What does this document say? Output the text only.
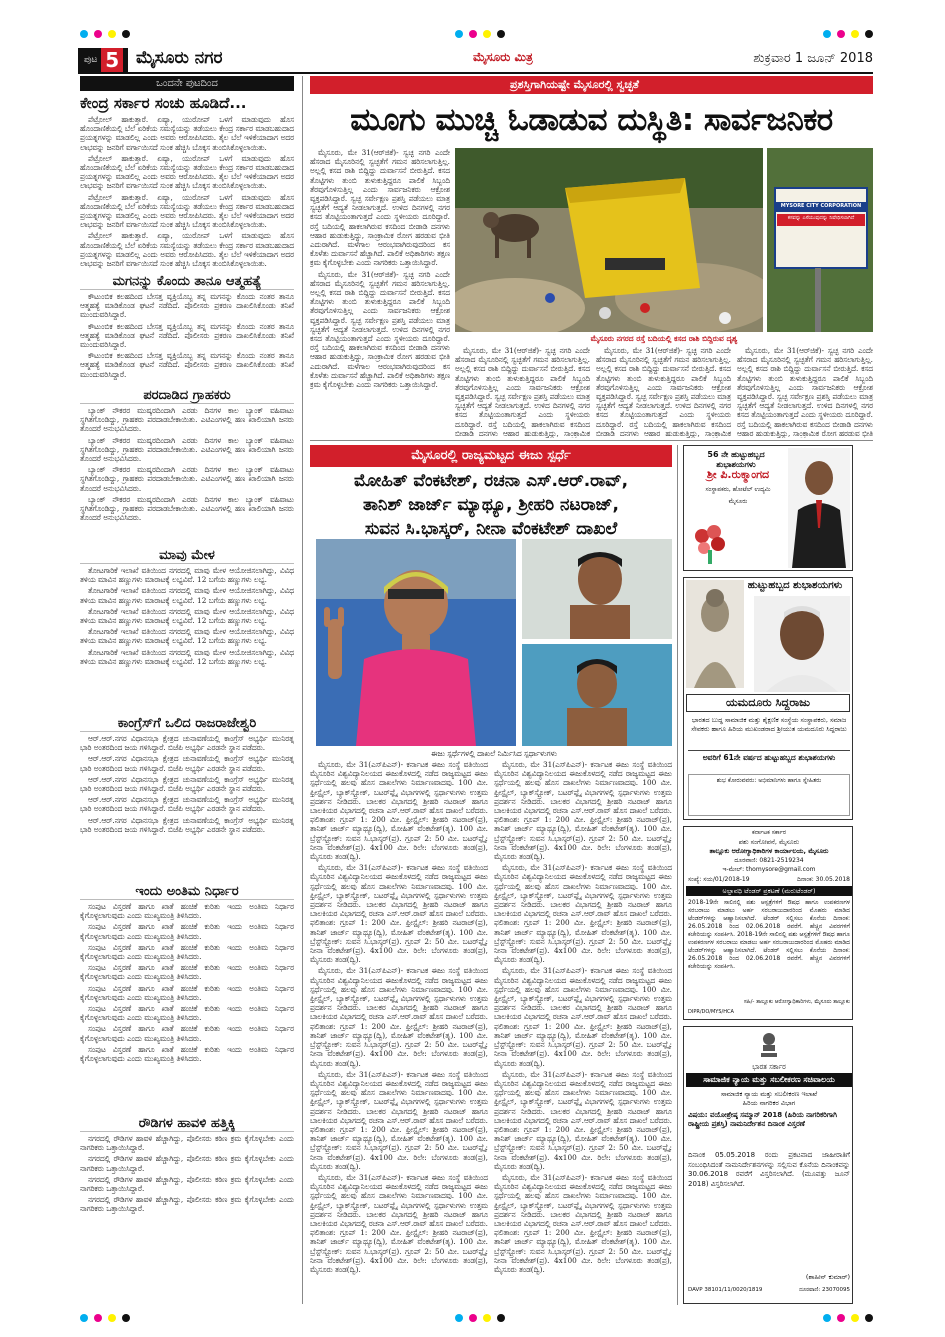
ಪುಟ 5 ಮೈಸೂರು ನಗರ	ಮೈಸೂರು ಮಿತ್ರ	ಶುಕ್ರವಾರ 1 ಜೂನ್ 2018
ಒಂದನೇ ಪುಟದಿಂದ
ಕೇಂದ್ರ ಸರ್ಕಾರ ಸಂಚು ಹೂಡಿದೆ...

ಪೆಟ್ರೋಲ್ ಹಾಕುತ್ತಾರೆ. ಏಷ್ಯಾ, ಯುರೋಪ್ ಒಳಗೆ ಮಾಡುವುದು ಹೊಸ ಹೊಂದಾಣಿಕೆಯಲ್ಲಿ ಬೆಲೆ ಏರಿಕೆಯ ಸಮಸ್ಯೆಯನ್ನು ತಡೆಯಲು ಕೇಂದ್ರ ಸರ್ಕಾರ ಮಾಡಬಹುದಾದ ಪ್ರಯತ್ನಗಳನ್ನು ಮಾಡಲಿಲ್ಲ ಎಂದು ಅವರು ಆರೋಪಿಸಿದರು. ತೈಲ ಬೆಲೆ ಇಳಿಕೆಯಾದಾಗ ಅದರ ಲಾಭವನ್ನು ಜನರಿಗೆ ವರ್ಗಾಯಿಸದೆ ಸುಂಕ ಹೆಚ್ಚಿಸಿ ಬೊಕ್ಕಸ ತುಂಬಿಸಿಕೊಳ್ಳಲಾಯಿತು.

ಪೆಟ್ರೋಲ್ ಹಾಕುತ್ತಾರೆ. ಏಷ್ಯಾ, ಯುರೋಪ್ ಒಳಗೆ ಮಾಡುವುದು ಹೊಸ ಹೊಂದಾಣಿಕೆಯಲ್ಲಿ ಬೆಲೆ ಏರಿಕೆಯ ಸಮಸ್ಯೆಯನ್ನು ತಡೆಯಲು ಕೇಂದ್ರ ಸರ್ಕಾರ ಮಾಡಬಹುದಾದ ಪ್ರಯತ್ನಗಳನ್ನು ಮಾಡಲಿಲ್ಲ ಎಂದು ಅವರು ಆರೋಪಿಸಿದರು. ತೈಲ ಬೆಲೆ ಇಳಿಕೆಯಾದಾಗ ಅದರ ಲಾಭವನ್ನು ಜನರಿಗೆ ವರ್ಗಾಯಿಸದೆ ಸುಂಕ ಹೆಚ್ಚಿಸಿ ಬೊಕ್ಕಸ ತುಂಬಿಸಿಕೊಳ್ಳಲಾಯಿತು.

ಪೆಟ್ರೋಲ್ ಹಾಕುತ್ತಾರೆ. ಏಷ್ಯಾ, ಯುರೋಪ್ ಒಳಗೆ ಮಾಡುವುದು ಹೊಸ ಹೊಂದಾಣಿಕೆಯಲ್ಲಿ ಬೆಲೆ ಏರಿಕೆಯ ಸಮಸ್ಯೆಯನ್ನು ತಡೆಯಲು ಕೇಂದ್ರ ಸರ್ಕಾರ ಮಾಡಬಹುದಾದ ಪ್ರಯತ್ನಗಳನ್ನು ಮಾಡಲಿಲ್ಲ ಎಂದು ಅವರು ಆರೋಪಿಸಿದರು. ತೈಲ ಬೆಲೆ ಇಳಿಕೆಯಾದಾಗ ಅದರ ಲಾಭವನ್ನು ಜನರಿಗೆ ವರ್ಗಾಯಿಸದೆ ಸುಂಕ ಹೆಚ್ಚಿಸಿ ಬೊಕ್ಕಸ ತುಂಬಿಸಿಕೊಳ್ಳಲಾಯಿತು.

ಪೆಟ್ರೋಲ್ ಹಾಕುತ್ತಾರೆ. ಏಷ್ಯಾ, ಯುರೋಪ್ ಒಳಗೆ ಮಾಡುವುದು ಹೊಸ ಹೊಂದಾಣಿಕೆಯಲ್ಲಿ ಬೆಲೆ ಏರಿಕೆಯ ಸಮಸ್ಯೆಯನ್ನು ತಡೆಯಲು ಕೇಂದ್ರ ಸರ್ಕಾರ ಮಾಡಬಹುದಾದ ಪ್ರಯತ್ನಗಳನ್ನು ಮಾಡಲಿಲ್ಲ ಎಂದು ಅವರು ಆರೋಪಿಸಿದರು. ತೈಲ ಬೆಲೆ ಇಳಿಕೆಯಾದಾಗ ಅದರ ಲಾಭವನ್ನು ಜನರಿಗೆ ವರ್ಗಾಯಿಸದೆ ಸುಂಕ ಹೆಚ್ಚಿಸಿ ಬೊಕ್ಕಸ ತುಂಬಿಸಿಕೊಳ್ಳಲಾಯಿತು.

ಮಗನನ್ನು ಕೊಂದು ತಾನೂ ಆತ್ಮಹತ್ಯೆ

ಕೌಟುಂಬಿಕ ಕಲಹದಿಂದ ಬೇಸತ್ತ ವ್ಯಕ್ತಿಯೊಬ್ಬ ತನ್ನ ಮಗನನ್ನು ಕೊಂದು ನಂತರ ತಾನೂ ಆತ್ಮಹತ್ಯೆ ಮಾಡಿಕೊಂಡ ಘಟನೆ ನಡೆದಿದೆ. ಪೊಲೀಸರು ಪ್ರಕರಣ ದಾಖಲಿಸಿಕೊಂಡು ತನಿಖೆ ಮುಂದುವರಿಸಿದ್ದಾರೆ.

ಕೌಟುಂಬಿಕ ಕಲಹದಿಂದ ಬೇಸತ್ತ ವ್ಯಕ್ತಿಯೊಬ್ಬ ತನ್ನ ಮಗನನ್ನು ಕೊಂದು ನಂತರ ತಾನೂ ಆತ್ಮಹತ್ಯೆ ಮಾಡಿಕೊಂಡ ಘಟನೆ ನಡೆದಿದೆ. ಪೊಲೀಸರು ಪ್ರಕರಣ ದಾಖಲಿಸಿಕೊಂಡು ತನಿಖೆ ಮುಂದುವರಿಸಿದ್ದಾರೆ.

ಕೌಟುಂಬಿಕ ಕಲಹದಿಂದ ಬೇಸತ್ತ ವ್ಯಕ್ತಿಯೊಬ್ಬ ತನ್ನ ಮಗನನ್ನು ಕೊಂದು ನಂತರ ತಾನೂ ಆತ್ಮಹತ್ಯೆ ಮಾಡಿಕೊಂಡ ಘಟನೆ ನಡೆದಿದೆ. ಪೊಲೀಸರು ಪ್ರಕರಣ ದಾಖಲಿಸಿಕೊಂಡು ತನಿಖೆ ಮುಂದುವರಿಸಿದ್ದಾರೆ.

ಪರದಾಡಿದ ಗ್ರಾಹಕರು

ಬ್ಯಾಂಕ್ ನೌಕರರ ಮುಷ್ಕರದಿಂದಾಗಿ ಎರಡು ದಿನಗಳ ಕಾಲ ಬ್ಯಾಂಕ್ ವಹಿವಾಟು ಸ್ಥಗಿತಗೊಂಡಿದ್ದು, ಗ್ರಾಹಕರು ಪರದಾಡಬೇಕಾಯಿತು. ಎಟಿಎಂಗಳಲ್ಲಿ ಹಣ ಖಾಲಿಯಾಗಿ ಜನರು ತೊಂದರೆ ಅನುಭವಿಸಿದರು.

ಬ್ಯಾಂಕ್ ನೌಕರರ ಮುಷ್ಕರದಿಂದಾಗಿ ಎರಡು ದಿನಗಳ ಕಾಲ ಬ್ಯಾಂಕ್ ವಹಿವಾಟು ಸ್ಥಗಿತಗೊಂಡಿದ್ದು, ಗ್ರಾಹಕರು ಪರದಾಡಬೇಕಾಯಿತು. ಎಟಿಎಂಗಳಲ್ಲಿ ಹಣ ಖಾಲಿಯಾಗಿ ಜನರು ತೊಂದರೆ ಅನುಭವಿಸಿದರು.

ಬ್ಯಾಂಕ್ ನೌಕರರ ಮುಷ್ಕರದಿಂದಾಗಿ ಎರಡು ದಿನಗಳ ಕಾಲ ಬ್ಯಾಂಕ್ ವಹಿವಾಟು ಸ್ಥಗಿತಗೊಂಡಿದ್ದು, ಗ್ರಾಹಕರು ಪರದಾಡಬೇಕಾಯಿತು. ಎಟಿಎಂಗಳಲ್ಲಿ ಹಣ ಖಾಲಿಯಾಗಿ ಜನರು ತೊಂದರೆ ಅನುಭವಿಸಿದರು.

ಬ್ಯಾಂಕ್ ನೌಕರರ ಮುಷ್ಕರದಿಂದಾಗಿ ಎರಡು ದಿನಗಳ ಕಾಲ ಬ್ಯಾಂಕ್ ವಹಿವಾಟು ಸ್ಥಗಿತಗೊಂಡಿದ್ದು, ಗ್ರಾಹಕರು ಪರದಾಡಬೇಕಾಯಿತು. ಎಟಿಎಂಗಳಲ್ಲಿ ಹಣ ಖಾಲಿಯಾಗಿ ಜನರು ತೊಂದರೆ ಅನುಭವಿಸಿದರು.

ಮಾವು ಮೇಳ

ತೋಟಗಾರಿಕೆ ಇಲಾಖೆ ವತಿಯಿಂದ ನಗರದಲ್ಲಿ ಮಾವು ಮೇಳ ಆಯೋಜಿಸಲಾಗಿದ್ದು, ವಿವಿಧ ತಳಿಯ ಮಾವಿನ ಹಣ್ಣುಗಳು ಮಾರಾಟಕ್ಕೆ ಲಭ್ಯವಿವೆ. 12 ಬಗೆಯ ಹಣ್ಣುಗಳು ಲಭ್ಯ.

ತೋಟಗಾರಿಕೆ ಇಲಾಖೆ ವತಿಯಿಂದ ನಗರದಲ್ಲಿ ಮಾವು ಮೇಳ ಆಯೋಜಿಸಲಾಗಿದ್ದು, ವಿವಿಧ ತಳಿಯ ಮಾವಿನ ಹಣ್ಣುಗಳು ಮಾರಾಟಕ್ಕೆ ಲಭ್ಯವಿವೆ. 12 ಬಗೆಯ ಹಣ್ಣುಗಳು ಲಭ್ಯ.

ತೋಟಗಾರಿಕೆ ಇಲಾಖೆ ವತಿಯಿಂದ ನಗರದಲ್ಲಿ ಮಾವು ಮೇಳ ಆಯೋಜಿಸಲಾಗಿದ್ದು, ವಿವಿಧ ತಳಿಯ ಮಾವಿನ ಹಣ್ಣುಗಳು ಮಾರಾಟಕ್ಕೆ ಲಭ್ಯವಿವೆ. 12 ಬಗೆಯ ಹಣ್ಣುಗಳು ಲಭ್ಯ.

ತೋಟಗಾರಿಕೆ ಇಲಾಖೆ ವತಿಯಿಂದ ನಗರದಲ್ಲಿ ಮಾವು ಮೇಳ ಆಯೋಜಿಸಲಾಗಿದ್ದು, ವಿವಿಧ ತಳಿಯ ಮಾವಿನ ಹಣ್ಣುಗಳು ಮಾರಾಟಕ್ಕೆ ಲಭ್ಯವಿವೆ. 12 ಬಗೆಯ ಹಣ್ಣುಗಳು ಲಭ್ಯ.

ತೋಟಗಾರಿಕೆ ಇಲಾಖೆ ವತಿಯಿಂದ ನಗರದಲ್ಲಿ ಮಾವು ಮೇಳ ಆಯೋಜಿಸಲಾಗಿದ್ದು, ವಿವಿಧ ತಳಿಯ ಮಾವಿನ ಹಣ್ಣುಗಳು ಮಾರಾಟಕ್ಕೆ ಲಭ್ಯವಿವೆ. 12 ಬಗೆಯ ಹಣ್ಣುಗಳು ಲಭ್ಯ.

ಕಾಂಗ್ರೆಸ್‌ಗೆ ಒಲಿದ ರಾಜರಾಜೇಶ್ವರಿ

ಆರ್.ಆರ್.ನಗರ ವಿಧಾನಸಭಾ ಕ್ಷೇತ್ರದ ಚುನಾವಣೆಯಲ್ಲಿ ಕಾಂಗ್ರೆಸ್ ಅಭ್ಯರ್ಥಿ ಮುನಿರತ್ನ ಭಾರಿ ಅಂತರದಿಂದ ಜಯ ಗಳಿಸಿದ್ದಾರೆ. ಬಿಜೆಪಿ ಅಭ್ಯರ್ಥಿ ಎರಡನೇ ಸ್ಥಾನ ಪಡೆದರು.

ಆರ್.ಆರ್.ನಗರ ವಿಧಾನಸಭಾ ಕ್ಷೇತ್ರದ ಚುನಾವಣೆಯಲ್ಲಿ ಕಾಂಗ್ರೆಸ್ ಅಭ್ಯರ್ಥಿ ಮುನಿರತ್ನ ಭಾರಿ ಅಂತರದಿಂದ ಜಯ ಗಳಿಸಿದ್ದಾರೆ. ಬಿಜೆಪಿ ಅಭ್ಯರ್ಥಿ ಎರಡನೇ ಸ್ಥಾನ ಪಡೆದರು.

ಆರ್.ಆರ್.ನಗರ ವಿಧಾನಸಭಾ ಕ್ಷೇತ್ರದ ಚುನಾವಣೆಯಲ್ಲಿ ಕಾಂಗ್ರೆಸ್ ಅಭ್ಯರ್ಥಿ ಮುನಿರತ್ನ ಭಾರಿ ಅಂತರದಿಂದ ಜಯ ಗಳಿಸಿದ್ದಾರೆ. ಬಿಜೆಪಿ ಅಭ್ಯರ್ಥಿ ಎರಡನೇ ಸ್ಥಾನ ಪಡೆದರು.

ಆರ್.ಆರ್.ನಗರ ವಿಧಾನಸಭಾ ಕ್ಷೇತ್ರದ ಚುನಾವಣೆಯಲ್ಲಿ ಕಾಂಗ್ರೆಸ್ ಅಭ್ಯರ್ಥಿ ಮುನಿರತ್ನ ಭಾರಿ ಅಂತರದಿಂದ ಜಯ ಗಳಿಸಿದ್ದಾರೆ. ಬಿಜೆಪಿ ಅಭ್ಯರ್ಥಿ ಎರಡನೇ ಸ್ಥಾನ ಪಡೆದರು.

ಆರ್.ಆರ್.ನಗರ ವಿಧಾನಸಭಾ ಕ್ಷೇತ್ರದ ಚುನಾವಣೆಯಲ್ಲಿ ಕಾಂಗ್ರೆಸ್ ಅಭ್ಯರ್ಥಿ ಮುನಿರತ್ನ ಭಾರಿ ಅಂತರದಿಂದ ಜಯ ಗಳಿಸಿದ್ದಾರೆ. ಬಿಜೆಪಿ ಅಭ್ಯರ್ಥಿ ಎರಡನೇ ಸ್ಥಾನ ಪಡೆದರು.

ಇಂದು ಅಂತಿಮ ನಿರ್ಧಾರ

ಸಂಪುಟ ವಿಸ್ತರಣೆ ಹಾಗೂ ಖಾತೆ ಹಂಚಿಕೆ ಕುರಿತು ಇಂದು ಅಂತಿಮ ನಿರ್ಧಾರ ಕೈಗೊಳ್ಳಲಾಗುವುದು ಎಂದು ಮುಖ್ಯಮಂತ್ರಿ ತಿಳಿಸಿದರು.

ಸಂಪುಟ ವಿಸ್ತರಣೆ ಹಾಗೂ ಖಾತೆ ಹಂಚಿಕೆ ಕುರಿತು ಇಂದು ಅಂತಿಮ ನಿರ್ಧಾರ ಕೈಗೊಳ್ಳಲಾಗುವುದು ಎಂದು ಮುಖ್ಯಮಂತ್ರಿ ತಿಳಿಸಿದರು.

ಸಂಪುಟ ವಿಸ್ತರಣೆ ಹಾಗೂ ಖಾತೆ ಹಂಚಿಕೆ ಕುರಿತು ಇಂದು ಅಂತಿಮ ನಿರ್ಧಾರ ಕೈಗೊಳ್ಳಲಾಗುವುದು ಎಂದು ಮುಖ್ಯಮಂತ್ರಿ ತಿಳಿಸಿದರು.

ಸಂಪುಟ ವಿಸ್ತರಣೆ ಹಾಗೂ ಖಾತೆ ಹಂಚಿಕೆ ಕುರಿತು ಇಂದು ಅಂತಿಮ ನಿರ್ಧಾರ ಕೈಗೊಳ್ಳಲಾಗುವುದು ಎಂದು ಮುಖ್ಯಮಂತ್ರಿ ತಿಳಿಸಿದರು.

ಸಂಪುಟ ವಿಸ್ತರಣೆ ಹಾಗೂ ಖಾತೆ ಹಂಚಿಕೆ ಕುರಿತು ಇಂದು ಅಂತಿಮ ನಿರ್ಧಾರ ಕೈಗೊಳ್ಳಲಾಗುವುದು ಎಂದು ಮುಖ್ಯಮಂತ್ರಿ ತಿಳಿಸಿದರು.

ಸಂಪುಟ ವಿಸ್ತರಣೆ ಹಾಗೂ ಖಾತೆ ಹಂಚಿಕೆ ಕುರಿತು ಇಂದು ಅಂತಿಮ ನಿರ್ಧಾರ ಕೈಗೊಳ್ಳಲಾಗುವುದು ಎಂದು ಮುಖ್ಯಮಂತ್ರಿ ತಿಳಿಸಿದರು.

ಸಂಪುಟ ವಿಸ್ತರಣೆ ಹಾಗೂ ಖಾತೆ ಹಂಚಿಕೆ ಕುರಿತು ಇಂದು ಅಂತಿಮ ನಿರ್ಧಾರ ಕೈಗೊಳ್ಳಲಾಗುವುದು ಎಂದು ಮುಖ್ಯಮಂತ್ರಿ ತಿಳಿಸಿದರು.

ಸಂಪುಟ ವಿಸ್ತರಣೆ ಹಾಗೂ ಖಾತೆ ಹಂಚಿಕೆ ಕುರಿತು ಇಂದು ಅಂತಿಮ ನಿರ್ಧಾರ ಕೈಗೊಳ್ಳಲಾಗುವುದು ಎಂದು ಮುಖ್ಯಮಂತ್ರಿ ತಿಳಿಸಿದರು.

ರೌಡಿಗಳ ಹಾವಳಿ ಹತ್ತಿಕ್ಕಿ

ನಗರದಲ್ಲಿ ರೌಡಿಗಳ ಹಾವಳಿ ಹೆಚ್ಚಾಗಿದ್ದು, ಪೊಲೀಸರು ಕಠಿಣ ಕ್ರಮ ಕೈಗೊಳ್ಳಬೇಕು ಎಂದು ನಾಗರಿಕರು ಒತ್ತಾಯಿಸಿದ್ದಾರೆ.

ನಗರದಲ್ಲಿ ರೌಡಿಗಳ ಹಾವಳಿ ಹೆಚ್ಚಾಗಿದ್ದು, ಪೊಲೀಸರು ಕಠಿಣ ಕ್ರಮ ಕೈಗೊಳ್ಳಬೇಕು ಎಂದು ನಾಗರಿಕರು ಒತ್ತಾಯಿಸಿದ್ದಾರೆ.

ನಗರದಲ್ಲಿ ರೌಡಿಗಳ ಹಾವಳಿ ಹೆಚ್ಚಾಗಿದ್ದು, ಪೊಲೀಸರು ಕಠಿಣ ಕ್ರಮ ಕೈಗೊಳ್ಳಬೇಕು ಎಂದು ನಾಗರಿಕರು ಒತ್ತಾಯಿಸಿದ್ದಾರೆ.

ನಗರದಲ್ಲಿ ರೌಡಿಗಳ ಹಾವಳಿ ಹೆಚ್ಚಾಗಿದ್ದು, ಪೊಲೀಸರು ಕಠಿಣ ಕ್ರಮ ಕೈಗೊಳ್ಳಬೇಕು ಎಂದು ನಾಗರಿಕರು ಒತ್ತಾಯಿಸಿದ್ದಾರೆ.

ಪ್ರಶಸ್ತಿಗಾಗಿಯಷ್ಟೇ ಮೈಸೂರಲ್ಲಿ ಸ್ವಚ್ಛತೆ
ಮೂಗು ಮುಚ್ಚಿ ಓಡಾಡುವ ದುಸ್ಥಿತಿ: ಸಾರ್ವಜನಿಕರ

ಮೈಸೂರು, ಮೇ 31(ಆರ್‌ಜಿಕೆ)- ಸ್ವಚ್ಛ ನಗರಿ ಎಂದೇ ಹೆಸರಾದ ಮೈಸೂರಿನಲ್ಲಿ ಸ್ವಚ್ಛತೆಗೆ ಗಮನ ಹರಿಸಲಾಗುತ್ತಿಲ್ಲ. ಅಲ್ಲಲ್ಲಿ ಕಸದ ರಾಶಿ ಬಿದ್ದಿದ್ದು ದುರ್ವಾಸನೆ ಬೀರುತ್ತಿದೆ. ಕಸದ ತೊಟ್ಟಿಗಳು ತುಂಬಿ ತುಳುಕುತ್ತಿದ್ದರೂ ಪಾಲಿಕೆ ಸಿಬ್ಬಂದಿ ತೆರವುಗೊಳಿಸುತ್ತಿಲ್ಲ ಎಂದು ಸಾರ್ವಜನಿಕರು ಆಕ್ರೋಶ ವ್ಯಕ್ತಪಡಿಸಿದ್ದಾರೆ. ಸ್ವಚ್ಛ ಸರ್ವೇಕ್ಷಣ ಪ್ರಶಸ್ತಿ ಪಡೆಯಲು ಮಾತ್ರ ಸ್ವಚ್ಛತೆಗೆ ಆದ್ಯತೆ ನೀಡಲಾಗುತ್ತದೆ. ಉಳಿದ ದಿನಗಳಲ್ಲಿ ನಗರ ಕಸದ ತೊಟ್ಟಿಯಂತಾಗುತ್ತದೆ ಎಂದು ಸ್ಥಳೀಯರು ದೂರಿದ್ದಾರೆ. ರಸ್ತೆ ಬದಿಯಲ್ಲಿ ಹಾಕಲಾಗಿರುವ ಕಸದಿಂದ ಬೀಡಾಡಿ ದನಗಳು ಆಹಾರ ಹುಡುಕುತ್ತಿದ್ದು, ಸಾಂಕ್ರಾಮಿಕ ರೋಗ ಹರಡುವ ಭೀತಿ ಎದುರಾಗಿದೆ. ಮಳೆಗಾಲ ಆರಂಭವಾಗಿರುವುದರಿಂದ ಕಸ ಕೊಳೆತು ದುರ್ವಾಸನೆ ಹೆಚ್ಚಾಗಿದೆ. ಪಾಲಿಕೆ ಅಧಿಕಾರಿಗಳು ತಕ್ಷಣ ಕ್ರಮ ಕೈಗೊಳ್ಳಬೇಕು ಎಂದು ನಾಗರಿಕರು ಒತ್ತಾಯಿಸಿದ್ದಾರೆ.

ಮೈಸೂರು, ಮೇ 31(ಆರ್‌ಜಿಕೆ)- ಸ್ವಚ್ಛ ನಗರಿ ಎಂದೇ ಹೆಸರಾದ ಮೈಸೂರಿನಲ್ಲಿ ಸ್ವಚ್ಛತೆಗೆ ಗಮನ ಹರಿಸಲಾಗುತ್ತಿಲ್ಲ. ಅಲ್ಲಲ್ಲಿ ಕಸದ ರಾಶಿ ಬಿದ್ದಿದ್ದು ದುರ್ವಾಸನೆ ಬೀರುತ್ತಿದೆ. ಕಸದ ತೊಟ್ಟಿಗಳು ತುಂಬಿ ತುಳುಕುತ್ತಿದ್ದರೂ ಪಾಲಿಕೆ ಸಿಬ್ಬಂದಿ ತೆರವುಗೊಳಿಸುತ್ತಿಲ್ಲ ಎಂದು ಸಾರ್ವಜನಿಕರು ಆಕ್ರೋಶ ವ್ಯಕ್ತಪಡಿಸಿದ್ದಾರೆ. ಸ್ವಚ್ಛ ಸರ್ವೇಕ್ಷಣ ಪ್ರಶಸ್ತಿ ಪಡೆಯಲು ಮಾತ್ರ ಸ್ವಚ್ಛತೆಗೆ ಆದ್ಯತೆ ನೀಡಲಾಗುತ್ತದೆ. ಉಳಿದ ದಿನಗಳಲ್ಲಿ ನಗರ ಕಸದ ತೊಟ್ಟಿಯಂತಾಗುತ್ತದೆ ಎಂದು ಸ್ಥಳೀಯರು ದೂರಿದ್ದಾರೆ. ರಸ್ತೆ ಬದಿಯಲ್ಲಿ ಹಾಕಲಾಗಿರುವ ಕಸದಿಂದ ಬೀಡಾಡಿ ದನಗಳು ಆಹಾರ ಹುಡುಕುತ್ತಿದ್ದು, ಸಾಂಕ್ರಾಮಿಕ ರೋಗ ಹರಡುವ ಭೀತಿ ಎದುರಾಗಿದೆ. ಮಳೆಗಾಲ ಆರಂಭವಾಗಿರುವುದರಿಂದ ಕಸ ಕೊಳೆತು ದುರ್ವಾಸನೆ ಹೆಚ್ಚಾಗಿದೆ. ಪಾಲಿಕೆ ಅಧಿಕಾರಿಗಳು ತಕ್ಷಣ ಕ್ರಮ ಕೈಗೊಳ್ಳಬೇಕು ಎಂದು ನಾಗರಿಕರು ಒತ್ತಾಯಿಸಿದ್ದಾರೆ.

MYSORE CITY CORPORATION
ಕಸವನ್ನು ಎಸೆಯುವುದನ್ನು ನಿಷೇಧಿಸಲಾಗಿದೆ
ಮೈಸೂರು ನಗರದ ರಸ್ತೆ ಬದಿಯಲ್ಲಿ ಕಸದ ರಾಶಿ ಬಿದ್ದಿರುವ ದೃಶ್ಯ

ಮೈಸೂರು, ಮೇ 31(ಆರ್‌ಜಿಕೆ)- ಸ್ವಚ್ಛ ನಗರಿ ಎಂದೇ ಹೆಸರಾದ ಮೈಸೂರಿನಲ್ಲಿ ಸ್ವಚ್ಛತೆಗೆ ಗಮನ ಹರಿಸಲಾಗುತ್ತಿಲ್ಲ. ಅಲ್ಲಲ್ಲಿ ಕಸದ ರಾಶಿ ಬಿದ್ದಿದ್ದು ದುರ್ವಾಸನೆ ಬೀರುತ್ತಿದೆ. ಕಸದ ತೊಟ್ಟಿಗಳು ತುಂಬಿ ತುಳುಕುತ್ತಿದ್ದರೂ ಪಾಲಿಕೆ ಸಿಬ್ಬಂದಿ ತೆರವುಗೊಳಿಸುತ್ತಿಲ್ಲ ಎಂದು ಸಾರ್ವಜನಿಕರು ಆಕ್ರೋಶ ವ್ಯಕ್ತಪಡಿಸಿದ್ದಾರೆ. ಸ್ವಚ್ಛ ಸರ್ವೇಕ್ಷಣ ಪ್ರಶಸ್ತಿ ಪಡೆಯಲು ಮಾತ್ರ ಸ್ವಚ್ಛತೆಗೆ ಆದ್ಯತೆ ನೀಡಲಾಗುತ್ತದೆ. ಉಳಿದ ದಿನಗಳಲ್ಲಿ ನಗರ ಕಸದ ತೊಟ್ಟಿಯಂತಾಗುತ್ತದೆ ಎಂದು ಸ್ಥಳೀಯರು ದೂರಿದ್ದಾರೆ. ರಸ್ತೆ ಬದಿಯಲ್ಲಿ ಹಾಕಲಾಗಿರುವ ಕಸದಿಂದ ಬೀಡಾಡಿ ದನಗಳು ಆಹಾರ ಹುಡುಕುತ್ತಿದ್ದು, ಸಾಂಕ್ರಾಮಿಕ

ಮೈಸೂರು, ಮೇ 31(ಆರ್‌ಜಿಕೆ)- ಸ್ವಚ್ಛ ನಗರಿ ಎಂದೇ ಹೆಸರಾದ ಮೈಸೂರಿನಲ್ಲಿ ಸ್ವಚ್ಛತೆಗೆ ಗಮನ ಹರಿಸಲಾಗುತ್ತಿಲ್ಲ. ಅಲ್ಲಲ್ಲಿ ಕಸದ ರಾಶಿ ಬಿದ್ದಿದ್ದು ದುರ್ವಾಸನೆ ಬೀರುತ್ತಿದೆ. ಕಸದ ತೊಟ್ಟಿಗಳು ತುಂಬಿ ತುಳುಕುತ್ತಿದ್ದರೂ ಪಾಲಿಕೆ ಸಿಬ್ಬಂದಿ ತೆರವುಗೊಳಿಸುತ್ತಿಲ್ಲ ಎಂದು ಸಾರ್ವಜನಿಕರು ಆಕ್ರೋಶ ವ್ಯಕ್ತಪಡಿಸಿದ್ದಾರೆ. ಸ್ವಚ್ಛ ಸರ್ವೇಕ್ಷಣ ಪ್ರಶಸ್ತಿ ಪಡೆಯಲು ಮಾತ್ರ ಸ್ವಚ್ಛತೆಗೆ ಆದ್ಯತೆ ನೀಡಲಾಗುತ್ತದೆ. ಉಳಿದ ದಿನಗಳಲ್ಲಿ ನಗರ ಕಸದ ತೊಟ್ಟಿಯಂತಾಗುತ್ತದೆ ಎಂದು ಸ್ಥಳೀಯರು ದೂರಿದ್ದಾರೆ. ರಸ್ತೆ ಬದಿಯಲ್ಲಿ ಹಾಕಲಾಗಿರುವ ಕಸದಿಂದ ಬೀಡಾಡಿ ದನಗಳು ಆಹಾರ ಹುಡುಕುತ್ತಿದ್ದು, ಸಾಂಕ್ರಾಮಿಕ

ಮೈಸೂರು, ಮೇ 31(ಆರ್‌ಜಿಕೆ)- ಸ್ವಚ್ಛ ನಗರಿ ಎಂದೇ ಹೆಸರಾದ ಮೈಸೂರಿನಲ್ಲಿ ಸ್ವಚ್ಛತೆಗೆ ಗಮನ ಹರಿಸಲಾಗುತ್ತಿಲ್ಲ. ಅಲ್ಲಲ್ಲಿ ಕಸದ ರಾಶಿ ಬಿದ್ದಿದ್ದು ದುರ್ವಾಸನೆ ಬೀರುತ್ತಿದೆ. ಕಸದ ತೊಟ್ಟಿಗಳು ತುಂಬಿ ತುಳುಕುತ್ತಿದ್ದರೂ ಪಾಲಿಕೆ ಸಿಬ್ಬಂದಿ ತೆರವುಗೊಳಿಸುತ್ತಿಲ್ಲ ಎಂದು ಸಾರ್ವಜನಿಕರು ಆಕ್ರೋಶ ವ್ಯಕ್ತಪಡಿಸಿದ್ದಾರೆ. ಸ್ವಚ್ಛ ಸರ್ವೇಕ್ಷಣ ಪ್ರಶಸ್ತಿ ಪಡೆಯಲು ಮಾತ್ರ ಸ್ವಚ್ಛತೆಗೆ ಆದ್ಯತೆ ನೀಡಲಾಗುತ್ತದೆ. ಉಳಿದ ದಿನಗಳಲ್ಲಿ ನಗರ ಕಸದ ತೊಟ್ಟಿಯಂತಾಗುತ್ತದೆ ಎಂದು ಸ್ಥಳೀಯರು ದೂರಿದ್ದಾರೆ. ರಸ್ತೆ ಬದಿಯಲ್ಲಿ ಹಾಕಲಾಗಿರುವ ಕಸದಿಂದ ಬೀಡಾಡಿ ದನಗಳು ಆಹಾರ ಹುಡುಕುತ್ತಿದ್ದು, ಸಾಂಕ್ರಾಮಿಕ ರೋಗ ಹರಡುವ ಭೀತಿ

ಮೈಸೂರಲ್ಲಿ ರಾಜ್ಯಮಟ್ಟದ ಈಜು ಸ್ಪರ್ಧೆ
ಮೋಹಿತ್ ವೆಂಕಟೇಶ್, ರಚನಾ ಎಸ್.ಆರ್.ರಾವ್,
ತಾನಿಶ್ ಜಾರ್ಜ್ ಮ್ಯಾಥ್ಯೂ, ಶ್ರೀಹರಿ ನಟರಾಜ್,
ಸುವನ ಸಿ.ಭಾಸ್ಕರ್, ನೀನಾ ವೆಂಕಟೇಶ್ ದಾಖಲೆ
ಈಜು ಸ್ಪರ್ಧೆಗಳಲ್ಲಿ ದಾಖಲೆ ನಿರ್ಮಿಸಿದ ಸ್ಪರ್ಧಾಳುಗಳು

ಮೈಸೂರು, ಮೇ 31(ಎಸ್‌ಪಿಎನ್)- ಕರ್ನಾಟಕ ಈಜು ಸಂಸ್ಥೆ ವತಿಯಿಂದ ಮೈಸೂರಿನ ವಿಶ್ವವಿದ್ಯಾನಿಲಯದ ಈಜುಕೊಳದಲ್ಲಿ ನಡೆದ ರಾಜ್ಯಮಟ್ಟದ ಈಜು ಸ್ಪರ್ಧೆಯಲ್ಲಿ ಹಲವು ಹೊಸ ದಾಖಲೆಗಳು ನಿರ್ಮಾಣವಾದವು. 100 ಮೀ. ಫ್ರೀಸ್ಟೈಲ್, ಬ್ಯಾಕ್‌ಸ್ಟ್ರೋಕ್, ಬಟರ್‌ಫ್ಲೈ ವಿಭಾಗಗಳಲ್ಲಿ ಸ್ಪರ್ಧಾಳುಗಳು ಉತ್ತಮ ಪ್ರದರ್ಶನ ನೀಡಿದರು. ಬಾಲಕರ ವಿಭಾಗದಲ್ಲಿ ಶ್ರೀಹರಿ ನಟರಾಜ್ ಹಾಗೂ ಬಾಲಕಿಯರ ವಿಭಾಗದಲ್ಲಿ ರಚನಾ ಎಸ್.ಆರ್.ರಾವ್ ಹೊಸ ದಾಖಲೆ ಬರೆದರು. ಫಲಿತಾಂಶ: ಗ್ರೂಪ್ 1: 200 ಮೀ. ಫ್ರೀಸ್ಟೈಲ್: ಶ್ರೀಹರಿ ನಟರಾಜ್(ಪ್ರ), ತಾನಿಶ್ ಜಾರ್ಜ್ ಮ್ಯಾಥ್ಯೂ(ದ್ವಿ), ಮೋಹಿತ್ ವೆಂಕಟೇಶ್(ತೃ). 100 ಮೀ. ಬ್ರೆಸ್ಟ್‌ಸ್ಟ್ರೋಕ್: ಸುವನ ಸಿ.ಭಾಸ್ಕರ್(ಪ್ರ). ಗ್ರೂಪ್ 2: 50 ಮೀ. ಬಟರ್‌ಫ್ಲೈ: ನೀನಾ ವೆಂಕಟೇಶ್(ಪ್ರ). 4x100 ಮೀ. ರಿಲೇ: ಬೆಂಗಳೂರು ತಂಡ(ಪ್ರ), ಮೈಸೂರು ತಂಡ(ದ್ವಿ).

ಮೈಸೂರು, ಮೇ 31(ಎಸ್‌ಪಿಎನ್)- ಕರ್ನಾಟಕ ಈಜು ಸಂಸ್ಥೆ ವತಿಯಿಂದ ಮೈಸೂರಿನ ವಿಶ್ವವಿದ್ಯಾನಿಲಯದ ಈಜುಕೊಳದಲ್ಲಿ ನಡೆದ ರಾಜ್ಯಮಟ್ಟದ ಈಜು ಸ್ಪರ್ಧೆಯಲ್ಲಿ ಹಲವು ಹೊಸ ದಾಖಲೆಗಳು ನಿರ್ಮಾಣವಾದವು. 100 ಮೀ. ಫ್ರೀಸ್ಟೈಲ್, ಬ್ಯಾಕ್‌ಸ್ಟ್ರೋಕ್, ಬಟರ್‌ಫ್ಲೈ ವಿಭಾಗಗಳಲ್ಲಿ ಸ್ಪರ್ಧಾಳುಗಳು ಉತ್ತಮ ಪ್ರದರ್ಶನ ನೀಡಿದರು. ಬಾಲಕರ ವಿಭಾಗದಲ್ಲಿ ಶ್ರೀಹರಿ ನಟರಾಜ್ ಹಾಗೂ ಬಾಲಕಿಯರ ವಿಭಾಗದಲ್ಲಿ ರಚನಾ ಎಸ್.ಆರ್.ರಾವ್ ಹೊಸ ದಾಖಲೆ ಬರೆದರು. ಫಲಿತಾಂಶ: ಗ್ರೂಪ್ 1: 200 ಮೀ. ಫ್ರೀಸ್ಟೈಲ್: ಶ್ರೀಹರಿ ನಟರಾಜ್(ಪ್ರ), ತಾನಿಶ್ ಜಾರ್ಜ್ ಮ್ಯಾಥ್ಯೂ(ದ್ವಿ), ಮೋಹಿತ್ ವೆಂಕಟೇಶ್(ತೃ). 100 ಮೀ. ಬ್ರೆಸ್ಟ್‌ಸ್ಟ್ರೋಕ್: ಸುವನ ಸಿ.ಭಾಸ್ಕರ್(ಪ್ರ). ಗ್ರೂಪ್ 2: 50 ಮೀ. ಬಟರ್‌ಫ್ಲೈ: ನೀನಾ ವೆಂಕಟೇಶ್(ಪ್ರ). 4x100 ಮೀ. ರಿಲೇ: ಬೆಂಗಳೂರು ತಂಡ(ಪ್ರ), ಮೈಸೂರು ತಂಡ(ದ್ವಿ).

ಮೈಸೂರು, ಮೇ 31(ಎಸ್‌ಪಿಎನ್)- ಕರ್ನಾಟಕ ಈಜು ಸಂಸ್ಥೆ ವತಿಯಿಂದ ಮೈಸೂರಿನ ವಿಶ್ವವಿದ್ಯಾನಿಲಯದ ಈಜುಕೊಳದಲ್ಲಿ ನಡೆದ ರಾಜ್ಯಮಟ್ಟದ ಈಜು ಸ್ಪರ್ಧೆಯಲ್ಲಿ ಹಲವು ಹೊಸ ದಾಖಲೆಗಳು ನಿರ್ಮಾಣವಾದವು. 100 ಮೀ. ಫ್ರೀಸ್ಟೈಲ್, ಬ್ಯಾಕ್‌ಸ್ಟ್ರೋಕ್, ಬಟರ್‌ಫ್ಲೈ ವಿಭಾಗಗಳಲ್ಲಿ ಸ್ಪರ್ಧಾಳುಗಳು ಉತ್ತಮ ಪ್ರದರ್ಶನ ನೀಡಿದರು. ಬಾಲಕರ ವಿಭಾಗದಲ್ಲಿ ಶ್ರೀಹರಿ ನಟರಾಜ್ ಹಾಗೂ ಬಾಲಕಿಯರ ವಿಭಾಗದಲ್ಲಿ ರಚನಾ ಎಸ್.ಆರ್.ರಾವ್ ಹೊಸ ದಾಖಲೆ ಬರೆದರು. ಫಲಿತಾಂಶ: ಗ್ರೂಪ್ 1: 200 ಮೀ. ಫ್ರೀಸ್ಟೈಲ್: ಶ್ರೀಹರಿ ನಟರಾಜ್(ಪ್ರ), ತಾನಿಶ್ ಜಾರ್ಜ್ ಮ್ಯಾಥ್ಯೂ(ದ್ವಿ), ಮೋಹಿತ್ ವೆಂಕಟೇಶ್(ತೃ). 100 ಮೀ. ಬ್ರೆಸ್ಟ್‌ಸ್ಟ್ರೋಕ್: ಸುವನ ಸಿ.ಭಾಸ್ಕರ್(ಪ್ರ). ಗ್ರೂಪ್ 2: 50 ಮೀ. ಬಟರ್‌ಫ್ಲೈ: ನೀನಾ ವೆಂಕಟೇಶ್(ಪ್ರ). 4x100 ಮೀ. ರಿಲೇ: ಬೆಂಗಳೂರು ತಂಡ(ಪ್ರ), ಮೈಸೂರು ತಂಡ(ದ್ವಿ).

ಮೈಸೂರು, ಮೇ 31(ಎಸ್‌ಪಿಎನ್)- ಕರ್ನಾಟಕ ಈಜು ಸಂಸ್ಥೆ ವತಿಯಿಂದ ಮೈಸೂರಿನ ವಿಶ್ವವಿದ್ಯಾನಿಲಯದ ಈಜುಕೊಳದಲ್ಲಿ ನಡೆದ ರಾಜ್ಯಮಟ್ಟದ ಈಜು ಸ್ಪರ್ಧೆಯಲ್ಲಿ ಹಲವು ಹೊಸ ದಾಖಲೆಗಳು ನಿರ್ಮಾಣವಾದವು. 100 ಮೀ. ಫ್ರೀಸ್ಟೈಲ್, ಬ್ಯಾಕ್‌ಸ್ಟ್ರೋಕ್, ಬಟರ್‌ಫ್ಲೈ ವಿಭಾಗಗಳಲ್ಲಿ ಸ್ಪರ್ಧಾಳುಗಳು ಉತ್ತಮ ಪ್ರದರ್ಶನ ನೀಡಿದರು. ಬಾಲಕರ ವಿಭಾಗದಲ್ಲಿ ಶ್ರೀಹರಿ ನಟರಾಜ್ ಹಾಗೂ ಬಾಲಕಿಯರ ವಿಭಾಗದಲ್ಲಿ ರಚನಾ ಎಸ್.ಆರ್.ರಾವ್ ಹೊಸ ದಾಖಲೆ ಬರೆದರು. ಫಲಿತಾಂಶ: ಗ್ರೂಪ್ 1: 200 ಮೀ. ಫ್ರೀಸ್ಟೈಲ್: ಶ್ರೀಹರಿ ನಟರಾಜ್(ಪ್ರ), ತಾನಿಶ್ ಜಾರ್ಜ್ ಮ್ಯಾಥ್ಯೂ(ದ್ವಿ), ಮೋಹಿತ್ ವೆಂಕಟೇಶ್(ತೃ). 100 ಮೀ. ಬ್ರೆಸ್ಟ್‌ಸ್ಟ್ರೋಕ್: ಸುವನ ಸಿ.ಭಾಸ್ಕರ್(ಪ್ರ). ಗ್ರೂಪ್ 2: 50 ಮೀ. ಬಟರ್‌ಫ್ಲೈ: ನೀನಾ ವೆಂಕಟೇಶ್(ಪ್ರ). 4x100 ಮೀ. ರಿಲೇ: ಬೆಂಗಳೂರು ತಂಡ(ಪ್ರ), ಮೈಸೂರು ತಂಡ(ದ್ವಿ).

ಮೈಸೂರು, ಮೇ 31(ಎಸ್‌ಪಿಎನ್)- ಕರ್ನಾಟಕ ಈಜು ಸಂಸ್ಥೆ ವತಿಯಿಂದ ಮೈಸೂರಿನ ವಿಶ್ವವಿದ್ಯಾನಿಲಯದ ಈಜುಕೊಳದಲ್ಲಿ ನಡೆದ ರಾಜ್ಯಮಟ್ಟದ ಈಜು ಸ್ಪರ್ಧೆಯಲ್ಲಿ ಹಲವು ಹೊಸ ದಾಖಲೆಗಳು ನಿರ್ಮಾಣವಾದವು. 100 ಮೀ. ಫ್ರೀಸ್ಟೈಲ್, ಬ್ಯಾಕ್‌ಸ್ಟ್ರೋಕ್, ಬಟರ್‌ಫ್ಲೈ ವಿಭಾಗಗಳಲ್ಲಿ ಸ್ಪರ್ಧಾಳುಗಳು ಉತ್ತಮ ಪ್ರದರ್ಶನ ನೀಡಿದರು. ಬಾಲಕರ ವಿಭಾಗದಲ್ಲಿ ಶ್ರೀಹರಿ ನಟರಾಜ್ ಹಾಗೂ ಬಾಲಕಿಯರ ವಿಭಾಗದಲ್ಲಿ ರಚನಾ ಎಸ್.ಆರ್.ರಾವ್ ಹೊಸ ದಾಖಲೆ ಬರೆದರು. ಫಲಿತಾಂಶ: ಗ್ರೂಪ್ 1: 200 ಮೀ. ಫ್ರೀಸ್ಟೈಲ್: ಶ್ರೀಹರಿ ನಟರಾಜ್(ಪ್ರ), ತಾನಿಶ್ ಜಾರ್ಜ್ ಮ್ಯಾಥ್ಯೂ(ದ್ವಿ), ಮೋಹಿತ್ ವೆಂಕಟೇಶ್(ತೃ). 100 ಮೀ. ಬ್ರೆಸ್ಟ್‌ಸ್ಟ್ರೋಕ್: ಸುವನ ಸಿ.ಭಾಸ್ಕರ್(ಪ್ರ). ಗ್ರೂಪ್ 2: 50 ಮೀ. ಬಟರ್‌ಫ್ಲೈ: ನೀನಾ ವೆಂಕಟೇಶ್(ಪ್ರ). 4x100 ಮೀ. ರಿಲೇ: ಬೆಂಗಳೂರು ತಂಡ(ಪ್ರ), ಮೈಸೂರು ತಂಡ(ದ್ವಿ).

ಮೈಸೂರು, ಮೇ 31(ಎಸ್‌ಪಿಎನ್)- ಕರ್ನಾಟಕ ಈಜು ಸಂಸ್ಥೆ ವತಿಯಿಂದ ಮೈಸೂರಿನ ವಿಶ್ವವಿದ್ಯಾನಿಲಯದ ಈಜುಕೊಳದಲ್ಲಿ ನಡೆದ ರಾಜ್ಯಮಟ್ಟದ ಈಜು ಸ್ಪರ್ಧೆಯಲ್ಲಿ ಹಲವು ಹೊಸ ದಾಖಲೆಗಳು ನಿರ್ಮಾಣವಾದವು. 100 ಮೀ. ಫ್ರೀಸ್ಟೈಲ್, ಬ್ಯಾಕ್‌ಸ್ಟ್ರೋಕ್, ಬಟರ್‌ಫ್ಲೈ ವಿಭಾಗಗಳಲ್ಲಿ ಸ್ಪರ್ಧಾಳುಗಳು ಉತ್ತಮ ಪ್ರದರ್ಶನ ನೀಡಿದರು. ಬಾಲಕರ ವಿಭಾಗದಲ್ಲಿ ಶ್ರೀಹರಿ ನಟರಾಜ್ ಹಾಗೂ ಬಾಲಕಿಯರ ವಿಭಾಗದಲ್ಲಿ ರಚನಾ ಎಸ್.ಆರ್.ರಾವ್ ಹೊಸ ದಾಖಲೆ ಬರೆದರು. ಫಲಿತಾಂಶ: ಗ್ರೂಪ್ 1: 200 ಮೀ. ಫ್ರೀಸ್ಟೈಲ್: ಶ್ರೀಹರಿ ನಟರಾಜ್(ಪ್ರ), ತಾನಿಶ್ ಜಾರ್ಜ್ ಮ್ಯಾಥ್ಯೂ(ದ್ವಿ), ಮೋಹಿತ್ ವೆಂಕಟೇಶ್(ತೃ). 100 ಮೀ. ಬ್ರೆಸ್ಟ್‌ಸ್ಟ್ರೋಕ್: ಸುವನ ಸಿ.ಭಾಸ್ಕರ್(ಪ್ರ). ಗ್ರೂಪ್ 2: 50 ಮೀ. ಬಟರ್‌ಫ್ಲೈ: ನೀನಾ ವೆಂಕಟೇಶ್(ಪ್ರ). 4x100 ಮೀ. ರಿಲೇ: ಬೆಂಗಳೂರು ತಂಡ(ಪ್ರ), ಮೈಸೂರು ತಂಡ(ದ್ವಿ).

ಮೈಸೂರು, ಮೇ 31(ಎಸ್‌ಪಿಎನ್)- ಕರ್ನಾಟಕ ಈಜು ಸಂಸ್ಥೆ ವತಿಯಿಂದ ಮೈಸೂರಿನ ವಿಶ್ವವಿದ್ಯಾನಿಲಯದ ಈಜುಕೊಳದಲ್ಲಿ ನಡೆದ ರಾಜ್ಯಮಟ್ಟದ ಈಜು ಸ್ಪರ್ಧೆಯಲ್ಲಿ ಹಲವು ಹೊಸ ದಾಖಲೆಗಳು ನಿರ್ಮಾಣವಾದವು. 100 ಮೀ. ಫ್ರೀಸ್ಟೈಲ್, ಬ್ಯಾಕ್‌ಸ್ಟ್ರೋಕ್, ಬಟರ್‌ಫ್ಲೈ ವಿಭಾಗಗಳಲ್ಲಿ ಸ್ಪರ್ಧಾಳುಗಳು ಉತ್ತಮ ಪ್ರದರ್ಶನ ನೀಡಿದರು. ಬಾಲಕರ ವಿಭಾಗದಲ್ಲಿ ಶ್ರೀಹರಿ ನಟರಾಜ್ ಹಾಗೂ ಬಾಲಕಿಯರ ವಿಭಾಗದಲ್ಲಿ ರಚನಾ ಎಸ್.ಆರ್.ರಾವ್ ಹೊಸ ದಾಖಲೆ ಬರೆದರು. ಫಲಿತಾಂಶ: ಗ್ರೂಪ್ 1: 200 ಮೀ. ಫ್ರೀಸ್ಟೈಲ್: ಶ್ರೀಹರಿ ನಟರಾಜ್(ಪ್ರ), ತಾನಿಶ್ ಜಾರ್ಜ್ ಮ್ಯಾಥ್ಯೂ(ದ್ವಿ), ಮೋಹಿತ್ ವೆಂಕಟೇಶ್(ತೃ). 100 ಮೀ. ಬ್ರೆಸ್ಟ್‌ಸ್ಟ್ರೋಕ್: ಸುವನ ಸಿ.ಭಾಸ್ಕರ್(ಪ್ರ). ಗ್ರೂಪ್ 2: 50 ಮೀ. ಬಟರ್‌ಫ್ಲೈ: ನೀನಾ ವೆಂಕಟೇಶ್(ಪ್ರ). 4x100 ಮೀ. ರಿಲೇ: ಬೆಂಗಳೂರು ತಂಡ(ಪ್ರ), ಮೈಸೂರು ತಂಡ(ದ್ವಿ).

ಮೈಸೂರು, ಮೇ 31(ಎಸ್‌ಪಿಎನ್)- ಕರ್ನಾಟಕ ಈಜು ಸಂಸ್ಥೆ ವತಿಯಿಂದ ಮೈಸೂರಿನ ವಿಶ್ವವಿದ್ಯಾನಿಲಯದ ಈಜುಕೊಳದಲ್ಲಿ ನಡೆದ ರಾಜ್ಯಮಟ್ಟದ ಈಜು ಸ್ಪರ್ಧೆಯಲ್ಲಿ ಹಲವು ಹೊಸ ದಾಖಲೆಗಳು ನಿರ್ಮಾಣವಾದವು. 100 ಮೀ. ಫ್ರೀಸ್ಟೈಲ್, ಬ್ಯಾಕ್‌ಸ್ಟ್ರೋಕ್, ಬಟರ್‌ಫ್ಲೈ ವಿಭಾಗಗಳಲ್ಲಿ ಸ್ಪರ್ಧಾಳುಗಳು ಉತ್ತಮ ಪ್ರದರ್ಶನ ನೀಡಿದರು. ಬಾಲಕರ ವಿಭಾಗದಲ್ಲಿ ಶ್ರೀಹರಿ ನಟರಾಜ್ ಹಾಗೂ ಬಾಲಕಿಯರ ವಿಭಾಗದಲ್ಲಿ ರಚನಾ ಎಸ್.ಆರ್.ರಾವ್ ಹೊಸ ದಾಖಲೆ ಬರೆದರು. ಫಲಿತಾಂಶ: ಗ್ರೂಪ್ 1: 200 ಮೀ. ಫ್ರೀಸ್ಟೈಲ್: ಶ್ರೀಹರಿ ನಟರಾಜ್(ಪ್ರ), ತಾನಿಶ್ ಜಾರ್ಜ್ ಮ್ಯಾಥ್ಯೂ(ದ್ವಿ), ಮೋಹಿತ್ ವೆಂಕಟೇಶ್(ತೃ). 100 ಮೀ. ಬ್ರೆಸ್ಟ್‌ಸ್ಟ್ರೋಕ್: ಸುವನ ಸಿ.ಭಾಸ್ಕರ್(ಪ್ರ). ಗ್ರೂಪ್ 2: 50 ಮೀ. ಬಟರ್‌ಫ್ಲೈ: ನೀನಾ ವೆಂಕಟೇಶ್(ಪ್ರ). 4x100 ಮೀ. ರಿಲೇ: ಬೆಂಗಳೂರು ತಂಡ(ಪ್ರ), ಮೈಸೂರು ತಂಡ(ದ್ವಿ).

ಮೈಸೂರು, ಮೇ 31(ಎಸ್‌ಪಿಎನ್)- ಕರ್ನಾಟಕ ಈಜು ಸಂಸ್ಥೆ ವತಿಯಿಂದ ಮೈಸೂರಿನ ವಿಶ್ವವಿದ್ಯಾನಿಲಯದ ಈಜುಕೊಳದಲ್ಲಿ ನಡೆದ ರಾಜ್ಯಮಟ್ಟದ ಈಜು ಸ್ಪರ್ಧೆಯಲ್ಲಿ ಹಲವು ಹೊಸ ದಾಖಲೆಗಳು ನಿರ್ಮಾಣವಾದವು. 100 ಮೀ. ಫ್ರೀಸ್ಟೈಲ್, ಬ್ಯಾಕ್‌ಸ್ಟ್ರೋಕ್, ಬಟರ್‌ಫ್ಲೈ ವಿಭಾಗಗಳಲ್ಲಿ ಸ್ಪರ್ಧಾಳುಗಳು ಉತ್ತಮ ಪ್ರದರ್ಶನ ನೀಡಿದರು. ಬಾಲಕರ ವಿಭಾಗದಲ್ಲಿ ಶ್ರೀಹರಿ ನಟರಾಜ್ ಹಾಗೂ ಬಾಲಕಿಯರ ವಿಭಾಗದಲ್ಲಿ ರಚನಾ ಎಸ್.ಆರ್.ರಾವ್ ಹೊಸ ದಾಖಲೆ ಬರೆದರು. ಫಲಿತಾಂಶ: ಗ್ರೂಪ್ 1: 200 ಮೀ. ಫ್ರೀಸ್ಟೈಲ್: ಶ್ರೀಹರಿ ನಟರಾಜ್(ಪ್ರ), ತಾನಿಶ್ ಜಾರ್ಜ್ ಮ್ಯಾಥ್ಯೂ(ದ್ವಿ), ಮೋಹಿತ್ ವೆಂಕಟೇಶ್(ತೃ). 100 ಮೀ. ಬ್ರೆಸ್ಟ್‌ಸ್ಟ್ರೋಕ್: ಸುವನ ಸಿ.ಭಾಸ್ಕರ್(ಪ್ರ). ಗ್ರೂಪ್ 2: 50 ಮೀ. ಬಟರ್‌ಫ್ಲೈ: ನೀನಾ ವೆಂಕಟೇಶ್(ಪ್ರ). 4x100 ಮೀ. ರಿಲೇ: ಬೆಂಗಳೂರು ತಂಡ(ಪ್ರ), ಮೈಸೂರು ತಂಡ(ದ್ವಿ).

ಮೈಸೂರು, ಮೇ 31(ಎಸ್‌ಪಿಎನ್)- ಕರ್ನಾಟಕ ಈಜು ಸಂಸ್ಥೆ ವತಿಯಿಂದ ಮೈಸೂರಿನ ವಿಶ್ವವಿದ್ಯಾನಿಲಯದ ಈಜುಕೊಳದಲ್ಲಿ ನಡೆದ ರಾಜ್ಯಮಟ್ಟದ ಈಜು ಸ್ಪರ್ಧೆಯಲ್ಲಿ ಹಲವು ಹೊಸ ದಾಖಲೆಗಳು ನಿರ್ಮಾಣವಾದವು. 100 ಮೀ. ಫ್ರೀಸ್ಟೈಲ್, ಬ್ಯಾಕ್‌ಸ್ಟ್ರೋಕ್, ಬಟರ್‌ಫ್ಲೈ ವಿಭಾಗಗಳಲ್ಲಿ ಸ್ಪರ್ಧಾಳುಗಳು ಉತ್ತಮ ಪ್ರದರ್ಶನ ನೀಡಿದರು. ಬಾಲಕರ ವಿಭಾಗದಲ್ಲಿ ಶ್ರೀಹರಿ ನಟರಾಜ್ ಹಾಗೂ ಬಾಲಕಿಯರ ವಿಭಾಗದಲ್ಲಿ ರಚನಾ ಎಸ್.ಆರ್.ರಾವ್ ಹೊಸ ದಾಖಲೆ ಬರೆದರು. ಫಲಿತಾಂಶ: ಗ್ರೂಪ್ 1: 200 ಮೀ. ಫ್ರೀಸ್ಟೈಲ್: ಶ್ರೀಹರಿ ನಟರಾಜ್(ಪ್ರ), ತಾನಿಶ್ ಜಾರ್ಜ್ ಮ್ಯಾಥ್ಯೂ(ದ್ವಿ), ಮೋಹಿತ್ ವೆಂಕಟೇಶ್(ತೃ). 100 ಮೀ. ಬ್ರೆಸ್ಟ್‌ಸ್ಟ್ರೋಕ್: ಸುವನ ಸಿ.ಭಾಸ್ಕರ್(ಪ್ರ). ಗ್ರೂಪ್ 2: 50 ಮೀ. ಬಟರ್‌ಫ್ಲೈ: ನೀನಾ ವೆಂಕಟೇಶ್(ಪ್ರ). 4x100 ಮೀ. ರಿಲೇ: ಬೆಂಗಳೂರು ತಂಡ(ಪ್ರ), ಮೈಸೂರು ತಂಡ(ದ್ವಿ).

56 ನೇ ಹುಟ್ಟುಹಬ್ಬದ ಶುಭಾಶಯಗಳು
ಶ್ರೀ ಪಿ.ರುಕ್ಮಾಂಗದ
ಸಂಸ್ಥಾಪಕರು, ಹೋಟೆಲ್ ಉದ್ಯಮಿ
ಮೈಸೂರು
ಹುಟ್ಟುಹಬ್ಬದ ಶುಭಾಶಯಗಳು
ಯಮದೂರು ಸಿದ್ದರಾಜು
ಭಾರತದ ಬುದ್ಧ ಸಾಮಾಜಿಕ ಮತ್ತು ಶೈಕ್ಷಣಿಕ ಸಂಸ್ಥೆಯ ಸಂಸ್ಥಾಪಕರು, ಸಮಾಜ ಸೇವಕರು ಹಾಗೂ ಹಿರಿಯ ಮುಖಂಡರಾದ ಶ್ರೀಯುತ ಯಮದೂರು ಸಿದ್ದರಾಜು
ಅವರಿಗೆ 61ನೇ ವರ್ಷದ ಹುಟ್ಟುಹಬ್ಬದ ಶುಭಾಶಯಗಳು
ಶುಭ ಕೋರುವವರು: ಅಭಿಮಾನಿಗಳು ಹಾಗೂ ಸ್ನೇಹಿತರು
ಕರ್ನಾಟಕ ಸರ್ಕಾರ
ಪಶು ಸಂಗೋಪನೆ, ಮೈಸೂರು
ತಾಲ್ಲೂಕು ಆರೋಗ್ಯಾಧಿಕಾರಿಗಳ ಕಾರ್ಯಾಲಯ, ಮೈಸೂರು
ದೂರವಾಣಿ: 0821-2519234
ಇ-ಮೇಲ್: thomysore@gmail.com
ಸಂಖ್ಯೆ: ಸಯ/01/2018-19	ದಿನಾಂಕ: 30.05.2018
ಅಲ್ಪಾವಧಿ ಟೆಂಡರ್ ಪ್ರಕಟಣೆ (ಮರುಟೆಂಡರ್)
2018-19ನೇ ಸಾಲಿನಲ್ಲಿ ಪಶು ಆಸ್ಪತ್ರೆಗಳಿಗೆ ಔಷಧ ಹಾಗೂ ಉಪಕರಣಗಳ ಸರಬರಾಜು ಮಾಡಲು ಅರ್ಹ ಸರಬರಾಜುದಾರರಿಂದ ಮೊಹರು ಮಾಡಿದ ಟೆಂಡರ್‌ಗಳನ್ನು ಆಹ್ವಾನಿಸಲಾಗಿದೆ. ಟೆಂಡರ್ ಸಲ್ಲಿಸಲು ಕೊನೆಯ ದಿನಾಂಕ: 26.05.2018 ರಿಂದ 02.06.2018 ರವರೆಗೆ. ಹೆಚ್ಚಿನ ವಿವರಗಳಿಗೆ ಕಚೇರಿಯನ್ನು ಸಂಪರ್ಕಿಸಿ. 2018-19ನೇ ಸಾಲಿನಲ್ಲಿ ಪಶು ಆಸ್ಪತ್ರೆಗಳಿಗೆ ಔಷಧ ಹಾಗೂ ಉಪಕರಣಗಳ ಸರಬರಾಜು ಮಾಡಲು ಅರ್ಹ ಸರಬರಾಜುದಾರರಿಂದ ಮೊಹರು ಮಾಡಿದ ಟೆಂಡರ್‌ಗಳನ್ನು ಆಹ್ವಾನಿಸಲಾಗಿದೆ. ಟೆಂಡರ್ ಸಲ್ಲಿಸಲು ಕೊನೆಯ ದಿನಾಂಕ: 26.05.2018 ರಿಂದ 02.06.2018 ರವರೆಗೆ. ಹೆಚ್ಚಿನ ವಿವರಗಳಿಗೆ ಕಚೇರಿಯನ್ನು ಸಂಪರ್ಕಿಸಿ.
ಸಹಿ/- ತಾಲ್ಲೂಕು ಆರೋಗ್ಯಾಧಿಕಾರಿಗಳು, ಮೈಸೂರು ತಾಲ್ಲೂಕು
DIPR/DO/MYS/HCA
ಭಾರತ ಸರ್ಕಾರ
ಸಾಮಾಜಿಕ ನ್ಯಾಯ ಮತ್ತು ಸಬಲೀಕರಣ ಸಚಿವಾಲಯ
ಸಾಮಾಜಿಕ ನ್ಯಾಯ ಮತ್ತು ಸಬಲೀಕರಣ ಇಲಾಖೆ
ಹಿರಿಯ ನಾಗರಿಕರ ವಿಭಾಗ
ವಿಷಯ: ವಯೋಶ್ರೇಷ್ಠ ಸಮ್ಮಾನ್ 2018 (ಹಿರಿಯ ನಾಗರಿಕರಿಗಾಗಿ ರಾಷ್ಟ್ರೀಯ ಪ್ರಶಸ್ತಿ) ನಾಮನಿರ್ದೇಶನ ದಿನಾಂಕ ವಿಸ್ತರಣೆ
ದಿನಾಂಕ 05.05.2018 ರಂದು ಪ್ರಕಟವಾದ ಜಾಹೀರಾತಿಗೆ ಸಂಬಂಧಿಸಿದಂತೆ ನಾಮನಿರ್ದೇಶನಗಳನ್ನು ಸಲ್ಲಿಸುವ ಕೊನೆಯ ದಿನಾಂಕವನ್ನು 30.06.2018 ರವರೆಗೆ ವಿಸ್ತರಿಸಲಾಗಿದೆ. (ಮೂವತ್ತು ಜೂನ್ 2018) ವಿಸ್ತರಿಸಲಾಗಿದೆ.
(ಶಾಹೀನ್ ಕುಮಾರ್)
DAVP 38101/11/0020/1819	ದೂರವಾಣಿ: 23070095
